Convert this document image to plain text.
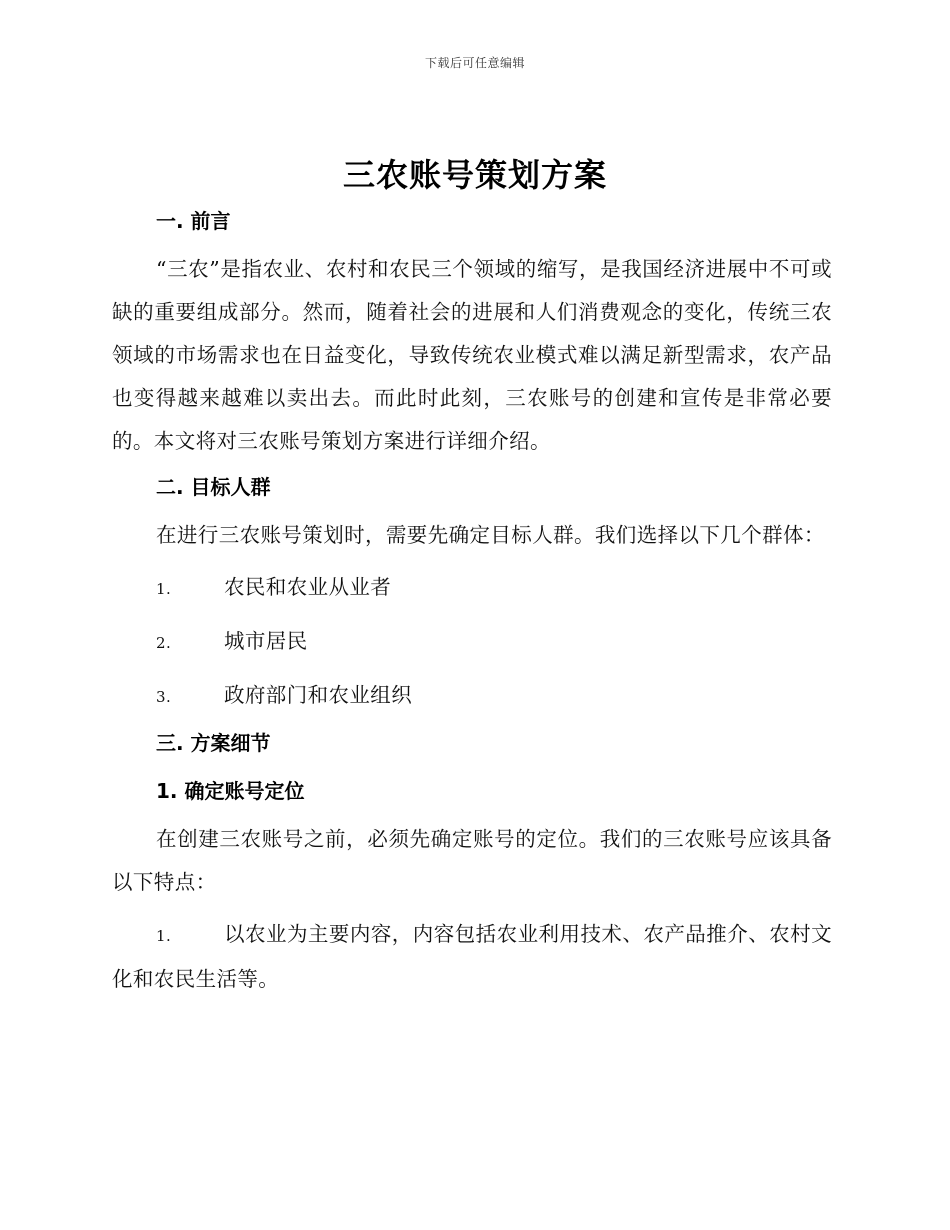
下载后可任意编辑
三农账号策划方案
一. 前言

“三农”是指农业、农村和农民三个领域的缩写，是我国经济进展中不可或缺的重要组成部分。然而，随着社会的进展和人们消费观念的变化，传统三农领域的市场需求也在日益变化，导致传统农业模式难以满足新型需求，农产品也变得越来越难以卖出去。而此时此刻，三农账号的创建和宣传是非常必要的。本文将对三农账号策划方案进行详细介绍。

二. 目标人群

在进行三农账号策划时，需要先确定目标人群。我们选择以下几个群体：

1.	农民和农业从业者
2.	城市居民
3.	政府部门和农业组织
三. 方案细节
1. 确定账号定位

在创建三农账号之前，必须先确定账号的定位。我们的三农账号应该具备以下特点：

1.	以农业为主要内容，内容包括农业利用技术、农产品推介、农村文化和农民生活等。
